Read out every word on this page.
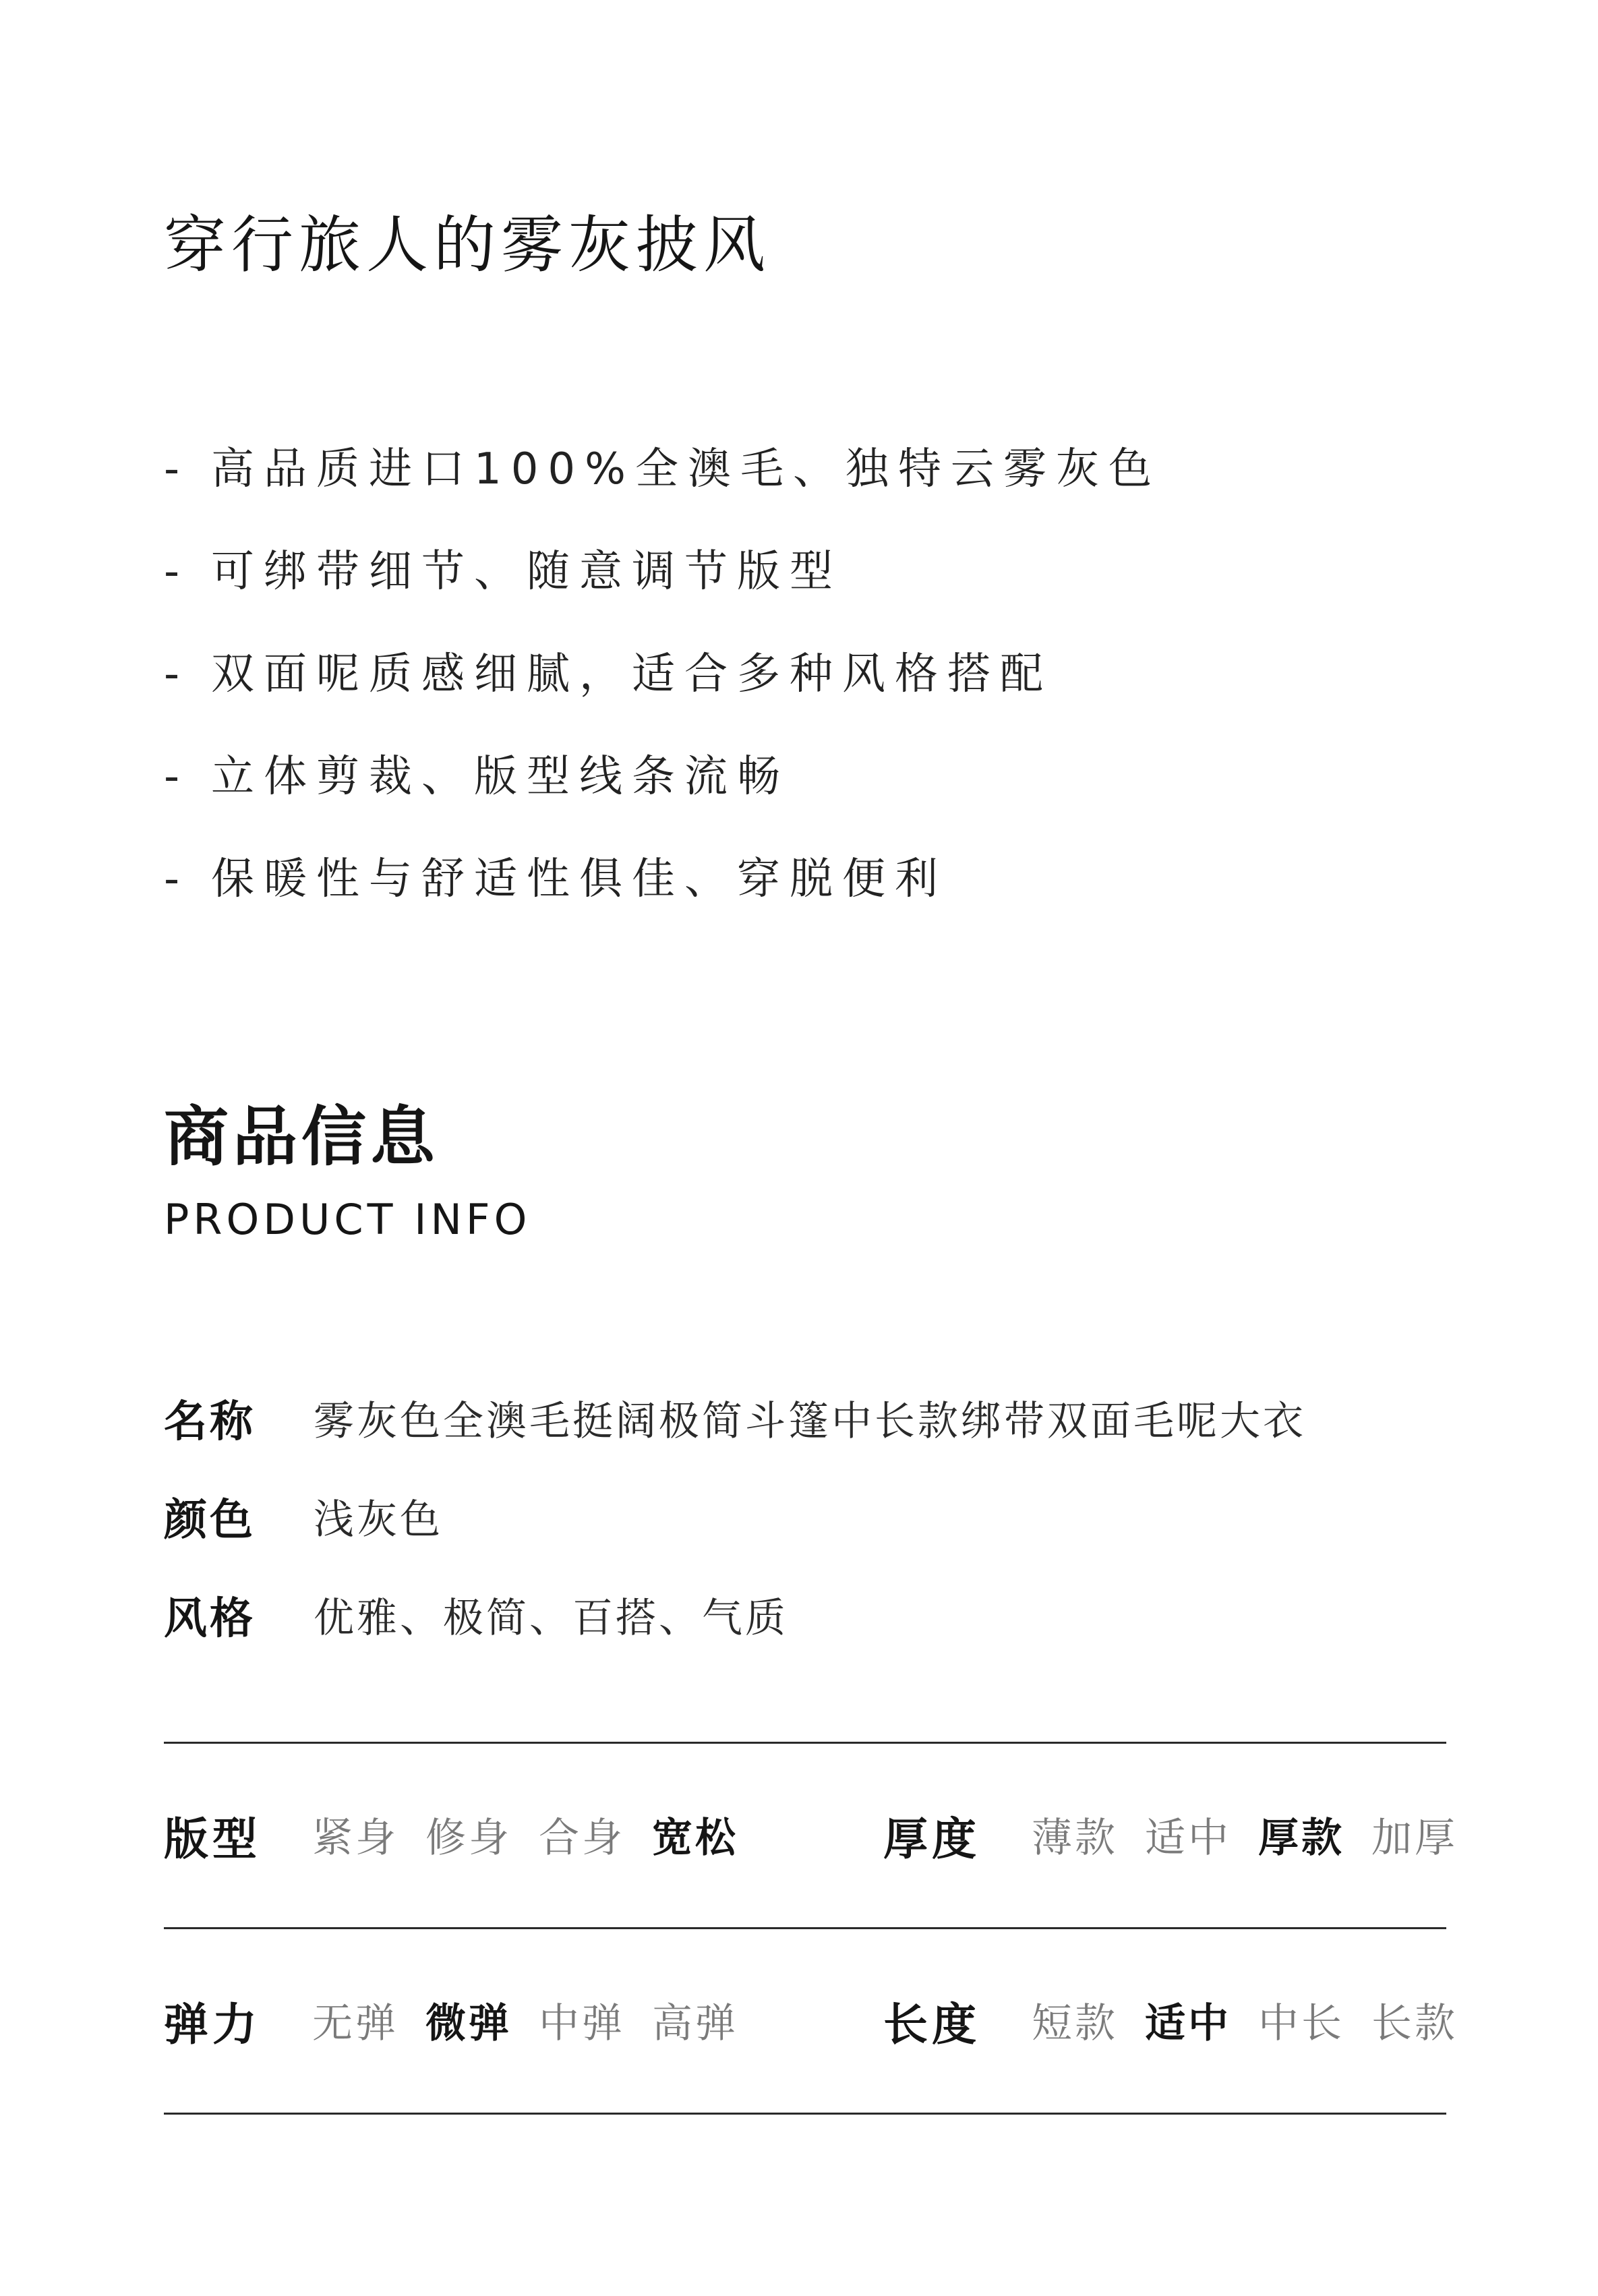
穿行旅人的雾灰披风
- 高品质进口100%全澳毛、独特云雾灰色
- 可绑带细节、随意调节版型
- 双面呢质感细腻，适合多种风格搭配
- 立体剪裁、版型线条流畅
- 保暖性与舒适性俱佳、穿脱便利
商品信息

PRODUCT INFO

名称	雾灰色全澳毛挺阔极简斗篷中长款绑带双面毛呢大衣
颜色	浅灰色
风格	优雅、极简、百搭、气质
版型	紧身 修身 合身 宽松	厚度	薄款 适中 厚款 加厚
弹力	无弹 微弹 中弹 高弹	长度	短款 适中 中长 长款
